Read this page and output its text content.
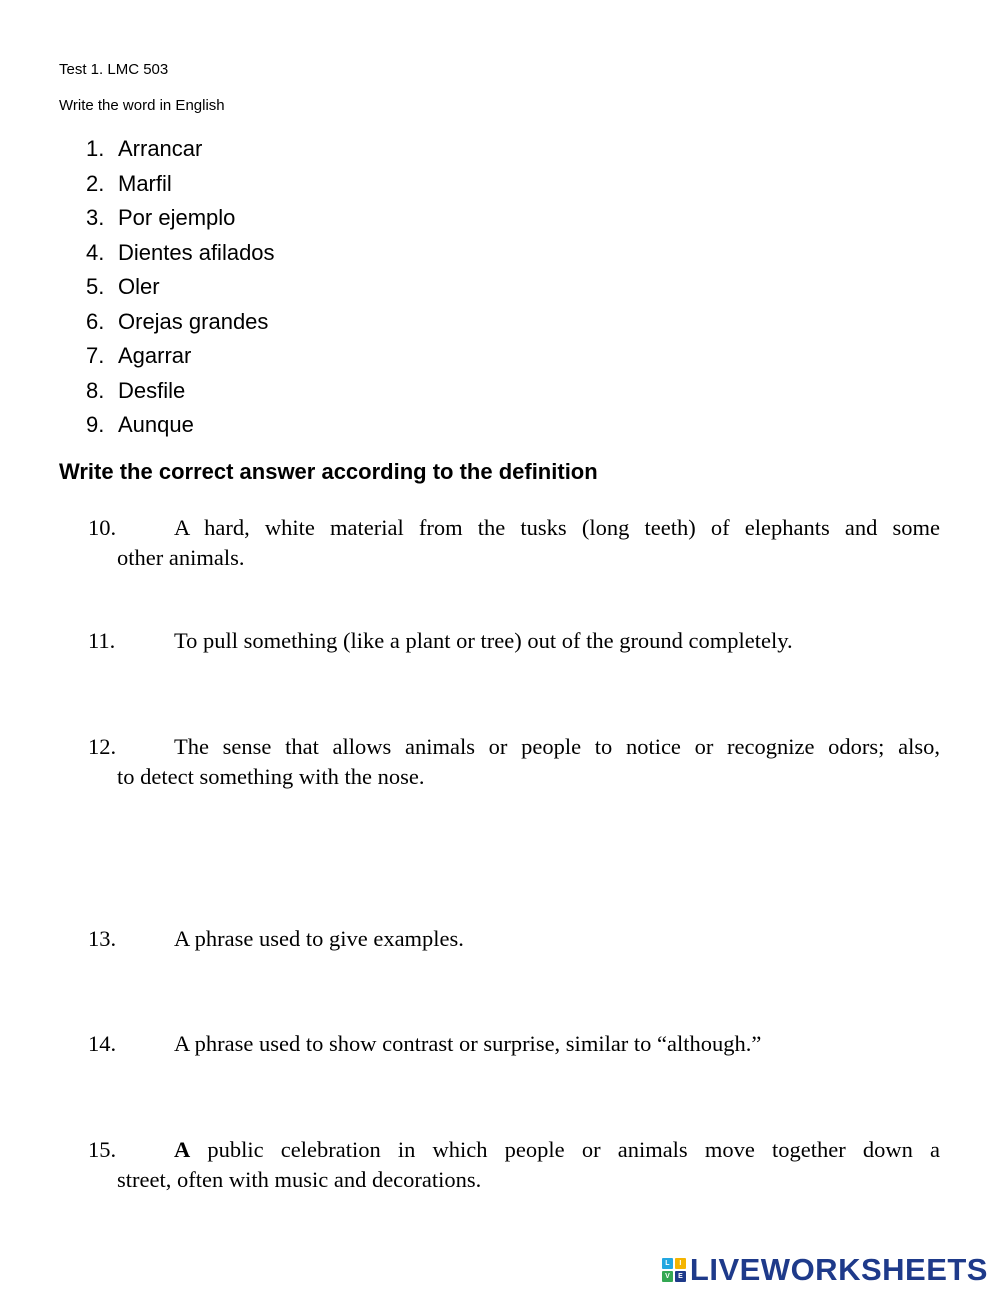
Test 1. LMC 503
Write the word in English
1. Arrancar
2. Marfil
3. Por ejemplo
4. Dientes afilados
5. Oler
6. Orejas grandes
7. Agarrar
8. Desfile
9. Aunque
Write the correct answer according to the definition
10.	A hard, white material from the tusks (long teeth) of elephants and some
other animals.
11.	To pull something (like a plant or tree) out of the ground completely.
12.	The sense that allows animals or people to notice or recognize odors; also,
to detect something with the nose.
13.	A phrase used to give examples.
14.	A phrase used to show contrast or surprise, similar to “although.”
15.	A public celebration in which people or animals move together down a
street, often with music and decorations.
L	I
V	E LIVEWORKSHEETS
